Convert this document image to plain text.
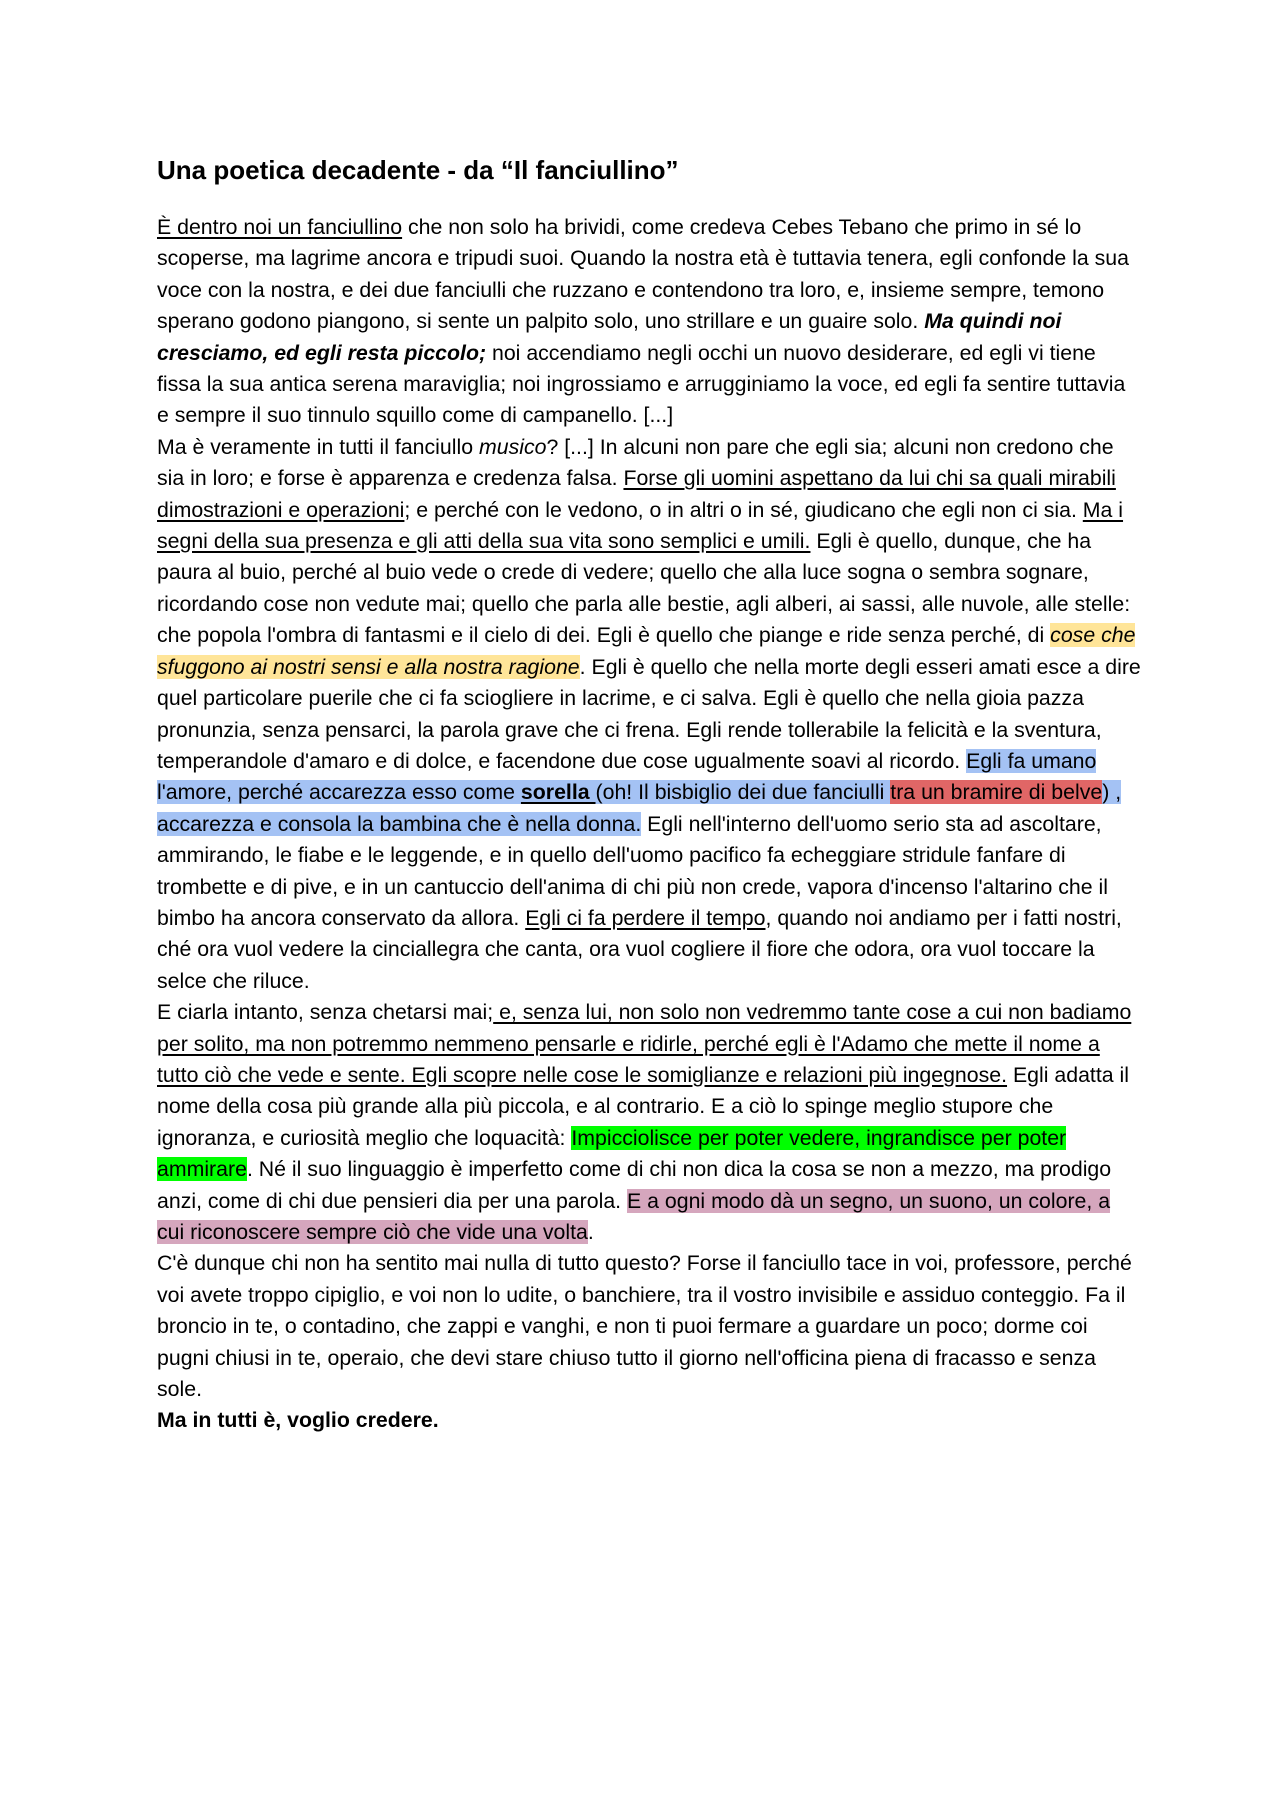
Una poetica decadente - da “Il fanciullino”

È dentro noi un fanciullino che non solo ha brividi, come credeva Cebes Tebano che primo in sé lo scoperse, ma lagrime ancora e tripudi suoi. Quando la nostra età è tuttavia tenera, egli confonde la sua voce con la nostra, e dei due fanciulli che ruzzano e contendono tra loro, e, insieme sempre, temono sperano godono piangono, si sente un palpito solo, uno strillare e un guaire solo. Ma quindi noi cresciamo, ed egli resta piccolo; noi accendiamo negli occhi un nuovo desiderare, ed egli vi tiene fissa la sua antica serena maraviglia; noi ingrossiamo e arrugginiamo la voce, ed egli fa sentire tuttavia e sempre il suo tinnulo squillo come di campanello. [...]

Ma è veramente in tutti il fanciullo musico? [...] In alcuni non pare che egli sia; alcuni non credono che sia in loro; e forse è apparenza e credenza falsa. Forse gli uomini aspettano da lui chi sa quali mirabili dimostrazioni e operazioni; e perché con le vedono, o in altri o in sé, giudicano che egli non ci sia. Ma i segni della sua presenza e gli atti della sua vita sono semplici e umili. Egli è quello, dunque, che ha paura al buio, perché al buio vede o crede di vedere; quello che alla luce sogna o sembra sognare, ricordando cose non vedute mai; quello che parla alle bestie, agli alberi, ai sassi, alle nuvole, alle stelle: che popola l'ombra di fantasmi e il cielo di dei. Egli è quello che piange e ride senza perché, di cose che sfuggono ai nostri sensi e alla nostra ragione. Egli è quello che nella morte degli esseri amati esce a dire quel particolare puerile che ci fa sciogliere in lacrime, e ci salva. Egli è quello che nella gioia pazza pronunzia, senza pensarci, la parola grave che ci frena. Egli rende tollerabile la felicità e la sventura, temperandole d'amaro e di dolce, e facendone due cose ugualmente soavi al ricordo. Egli fa umano l'amore, perché accarezza esso come sorella (oh! Il bisbiglio dei due fanciulli tra un bramire di belve) , accarezza e consola la bambina che è nella donna. Egli nell'interno dell'uomo serio sta ad ascoltare, ammirando, le fiabe e le leggende, e in quello dell'uomo pacifico fa echeggiare stridule fanfare di trombette e di pive, e in un cantuccio dell'anima di chi più non crede, vapora d'incenso l'altarino che il bimbo ha ancora conservato da allora. Egli ci fa perdere il tempo, quando noi andiamo per i fatti nostri, ché ora vuol vedere la cinciallegra che canta, ora vuol cogliere il fiore che odora, ora vuol toccare la selce che riluce.

E ciarla intanto, senza chetarsi mai; e, senza lui, non solo non vedremmo tante cose a cui non badiamo per solito, ma non potremmo nemmeno pensarle e ridirle, perché egli è l'Adamo che mette il nome a tutto ciò che vede e sente. Egli scopre nelle cose le somiglianze e relazioni più ingegnose. Egli adatta il nome della cosa più grande alla più piccola, e al contrario. E a ciò lo spinge meglio stupore che ignoranza, e curiosità meglio che loquacità: Impicciolisce per poter vedere, ingrandisce per poter ammirare. Né il suo linguaggio è imperfetto come di chi non dica la cosa se non a mezzo, ma prodigo anzi, come di chi due pensieri dia per una parola. E a ogni modo dà un segno, un suono, un colore, a cui riconoscere sempre ciò che vide una volta.

C'è dunque chi non ha sentito mai nulla di tutto questo? Forse il fanciullo tace in voi, professore, perché voi avete troppo cipiglio, e voi non lo udite, o banchiere, tra il vostro invisibile e assiduo conteggio. Fa il broncio in te, o contadino, che zappi e vanghi, e non ti puoi fermare a guardare un poco; dorme coi pugni chiusi in te, operaio, che devi stare chiuso tutto il giorno nell'officina piena di fracasso e senza sole.

Ma in tutti è, voglio credere.
